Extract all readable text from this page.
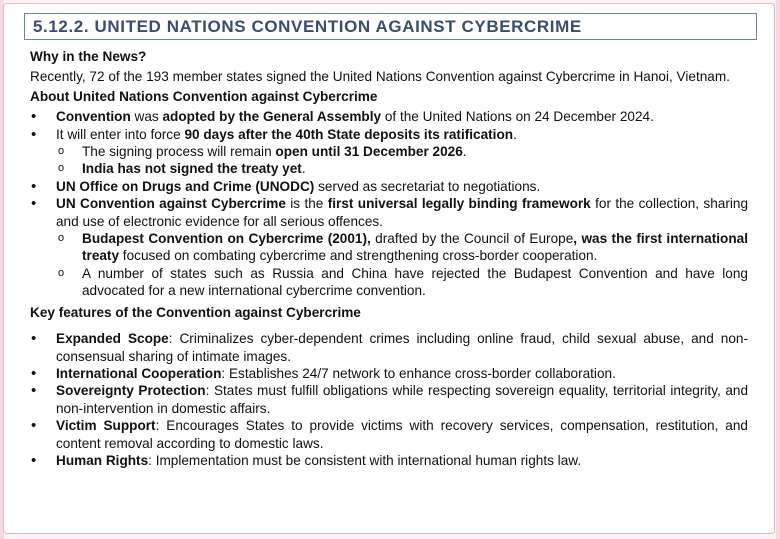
5.12.2. UNITED NATIONS CONVENTION AGAINST CYBERCRIME
Why in the News?

Recently, 72 of the 193 member states signed the United Nations Convention against Cybercrime in Hanoi, Vietnam.

About United Nations Convention against Cybercrime
• Convention was adopted by the General Assembly of the United Nations on 24 December 2024.
• It will enter into force 90 days after the 40th State deposits its ratification.
o The signing process will remain open until 31 December 2026.
o India has not signed the treaty yet.
• UN Office on Drugs and Crime (UNODC) served as secretariat to negotiations.
• UN Convention against Cybercrime is the first universal legally binding framework for the collection, sharing and use of electronic evidence for all serious offences.
o Budapest Convention on Cybercrime (2001), drafted by the Council of Europe, was the first international treaty focused on combating cybercrime and strengthening cross-border cooperation.
o A number of states such as Russia and China have rejected the Budapest Convention and have long advocated for a new international cybercrime convention.
Key features of the Convention against Cybercrime
• Expanded Scope: Criminalizes cyber-dependent crimes including online fraud, child sexual abuse, and non-consensual sharing of intimate images.
• International Cooperation: Establishes 24/7 network to enhance cross-border collaboration.
• Sovereignty Protection: States must fulfill obligations while respecting sovereign equality, territorial integrity, and non-intervention in domestic affairs.
• Victim Support: Encourages States to provide victims with recovery services, compensation, restitution, and content removal according to domestic laws.
• Human Rights: Implementation must be consistent with international human rights law.
